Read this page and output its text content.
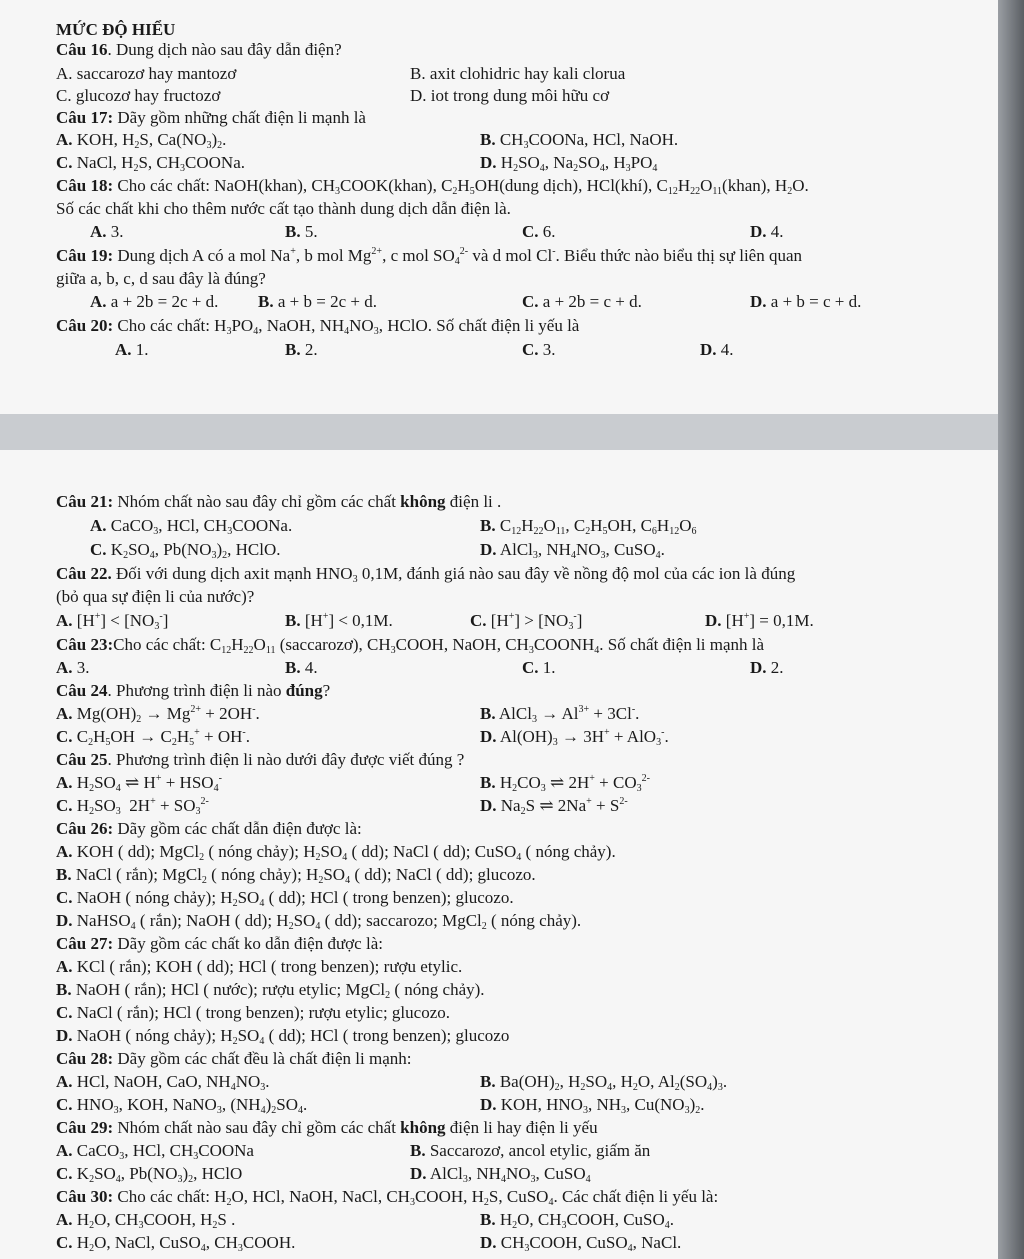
MỨC ĐỘ HIỂU
Câu 16. Dung dịch nào sau đây dẫn điện?
A. saccarozơ hay mantozơ	B. axit clohidric hay kali clorua
C. glucozơ hay fructozơ	D. iot trong dung môi hữu cơ
Câu 17: Dãy gồm những chất điện li mạnh là
A. KOH, $H_2S$, $Ca(NO_3)_2$.	B. $CH_3COONa$, HCl, NaOH.
C. NaCl, $H_2S$, $CH_3COONa$.	D. $H_2SO_4$, $Na_2SO_4$, $H_3PO_4$
Câu 18: Cho các chất: NaOH(khan), $CH_3COOK(khan)$, $C_2H_5OH(dung$ dịch), HCl(khí), $C_{12}H_{22}O_{11}(khan)$, $H_2O$.
Số các chất khi cho thêm nước cất tạo thành dung dịch dẫn điện là.
A. 3.	B. 5.	C. 6.	D. 4.
Câu 19: Dung dịch A có a mol Na+, b mol $Mg^{2+}$, c mol $SO_4^{2-}$ và d mol Cl-. Biểu thức nào biểu thị sự liên quan
giữa a, b, c, d sau đây là đúng?
A. a + 2b = 2c + d. B. a + b = 2c + d.	C. a + 2b = c + d.	D. a + b = c + d.
Câu 20: Cho các chất: $H_3PO_4$, NaOH, $NH_4NO_3$, HClO. Số chất điện li yếu là
A. 1.	B. 2.	C. 3.	D. 4.
Câu 21: Nhóm chất nào sau đây chỉ gồm các chất không điện li .
A. CaCO$_3$, HCl, $CH_3COONa$.	B. $C_{12}H_{22}O_{11}$, $C_2H_5OH$, $C_6H_{12}O_6$
C. $K_2SO_4$, $Pb(NO_3)_2$, HClO.	D. AlCl$_3$, $NH_4NO_3$, CuSO$_4$.
Câu 22. Đối với dung dịch axit mạnh $HNO_3$ 0,1M, đánh giá nào sau đây về nồng độ mol của các ion là đúng
(bỏ qua sự điện li của nước)?
A. $[H^+] < [NO_3^-]$	B. [H+] < 0,1M.	C. $[H^+] > [NO_3^-]$	D. [H+] = 0,1M.
Câu 23:Cho các chất: $C_{12}H_{22}O_{11}$ (saccarozơ), $CH_3COOH$, NaOH, $CH_3COONH_4$. Số chất điện li mạnh là
A. 3.	B. 4.	C. 1.	D. 2.
Câu 24. Phương trình điện li nào đúng?
A. $Mg(OH)_2 \to Mg^{2+} + 2OH^-$.	B. AlCl$_3$ → $Al^{3+} + 3Cl^-$.
C. $C_2H_5OH \to C_2H_5^+ + OH^-$.	D. $Al(OH)_3 \to 3H^+ + AlO_3^-$.
Câu 25. Phương trình điện li nào dưới đây được viết đúng ?
A. $H_2SO_4$ ⇌ $H^+ + HSO_4^-$	B. $H_2CO_3$ ⇌ $2H^+ + CO_3^{2-}$
C. $H_2SO_3$  $2H^+ + SO_3^{2-}$	D. $Na_2S$ ⇌ $2Na^+ + S^{2-}$
Câu 26: Dãy gồm các chất dẫn điện được là:
A. KOH ( dd); MgCl$_2$ ( nóng chảy); $H_2SO_4$ ( dd); NaCl ( dd); CuSO$_4$ ( nóng chảy).
B. NaCl ( rắn); MgCl$_2$ ( nóng chảy); $H_2SO_4$ ( dd); NaCl ( dd); glucozo.
C. NaOH ( nóng chảy); $H_2SO_4$ ( dd); HCl ( trong benzen); glucozo.
D. NaHSO$_4$ ( rắn); NaOH ( dd); $H_2SO_4$ ( dd); saccarozo; MgCl$_2$ ( nóng chảy).
Câu 27: Dãy gồm các chất ko dẫn điện được là:
A. KCl ( rắn); KOH ( dd); HCl ( trong benzen); rượu etylic.
B. NaOH ( rắn); HCl ( nước); rượu etylic; MgCl$_2$ ( nóng chảy).
C. NaCl ( rắn); HCl ( trong benzen); rượu etylic; glucozo.
D. NaOH ( nóng chảy); $H_2SO_4$ ( dd); HCl ( trong benzen); glucozo
Câu 28: Dãy gồm các chất đều là chất điện li mạnh:
A. HCl, NaOH, CaO, $NH_4NO_3$.	B. $Ba(OH)_2$, $H_2SO_4$, $H_2O$, $Al_2(SO_4)_3$.
C. $HNO_3$, KOH, NaNO$_3$, $(NH_4)_2SO_4$.	D. KOH, $HNO_3$, $NH_3$, $Cu(NO_3)_2$.
Câu 29: Nhóm chất nào sau đây chỉ gồm các chất không điện li hay điện li yếu
A. CaCO$_3$, HCl, $CH_3COONa$	B. Saccarozơ, ancol etylic, giấm ăn
C. $K_2SO_4$, $Pb(NO_3)_2$, HClO	D. AlCl$_3$, $NH_4NO_3$, CuSO$_4$
Câu 30: Cho các chất: $H_2O$, HCl, NaOH, NaCl, $CH_3COOH$, $H_2S$, CuSO$_4$. Các chất điện li yếu là:
A. $H_2O$, $CH_3COOH$, $H_2S$ .	B. $H_2O$, $CH_3COOH$, CuSO$_4$.
C. $H_2O$, NaCl, CuSO$_4$, $CH_3COOH$.	D. $CH_3COOH$, CuSO$_4$, NaCl.
